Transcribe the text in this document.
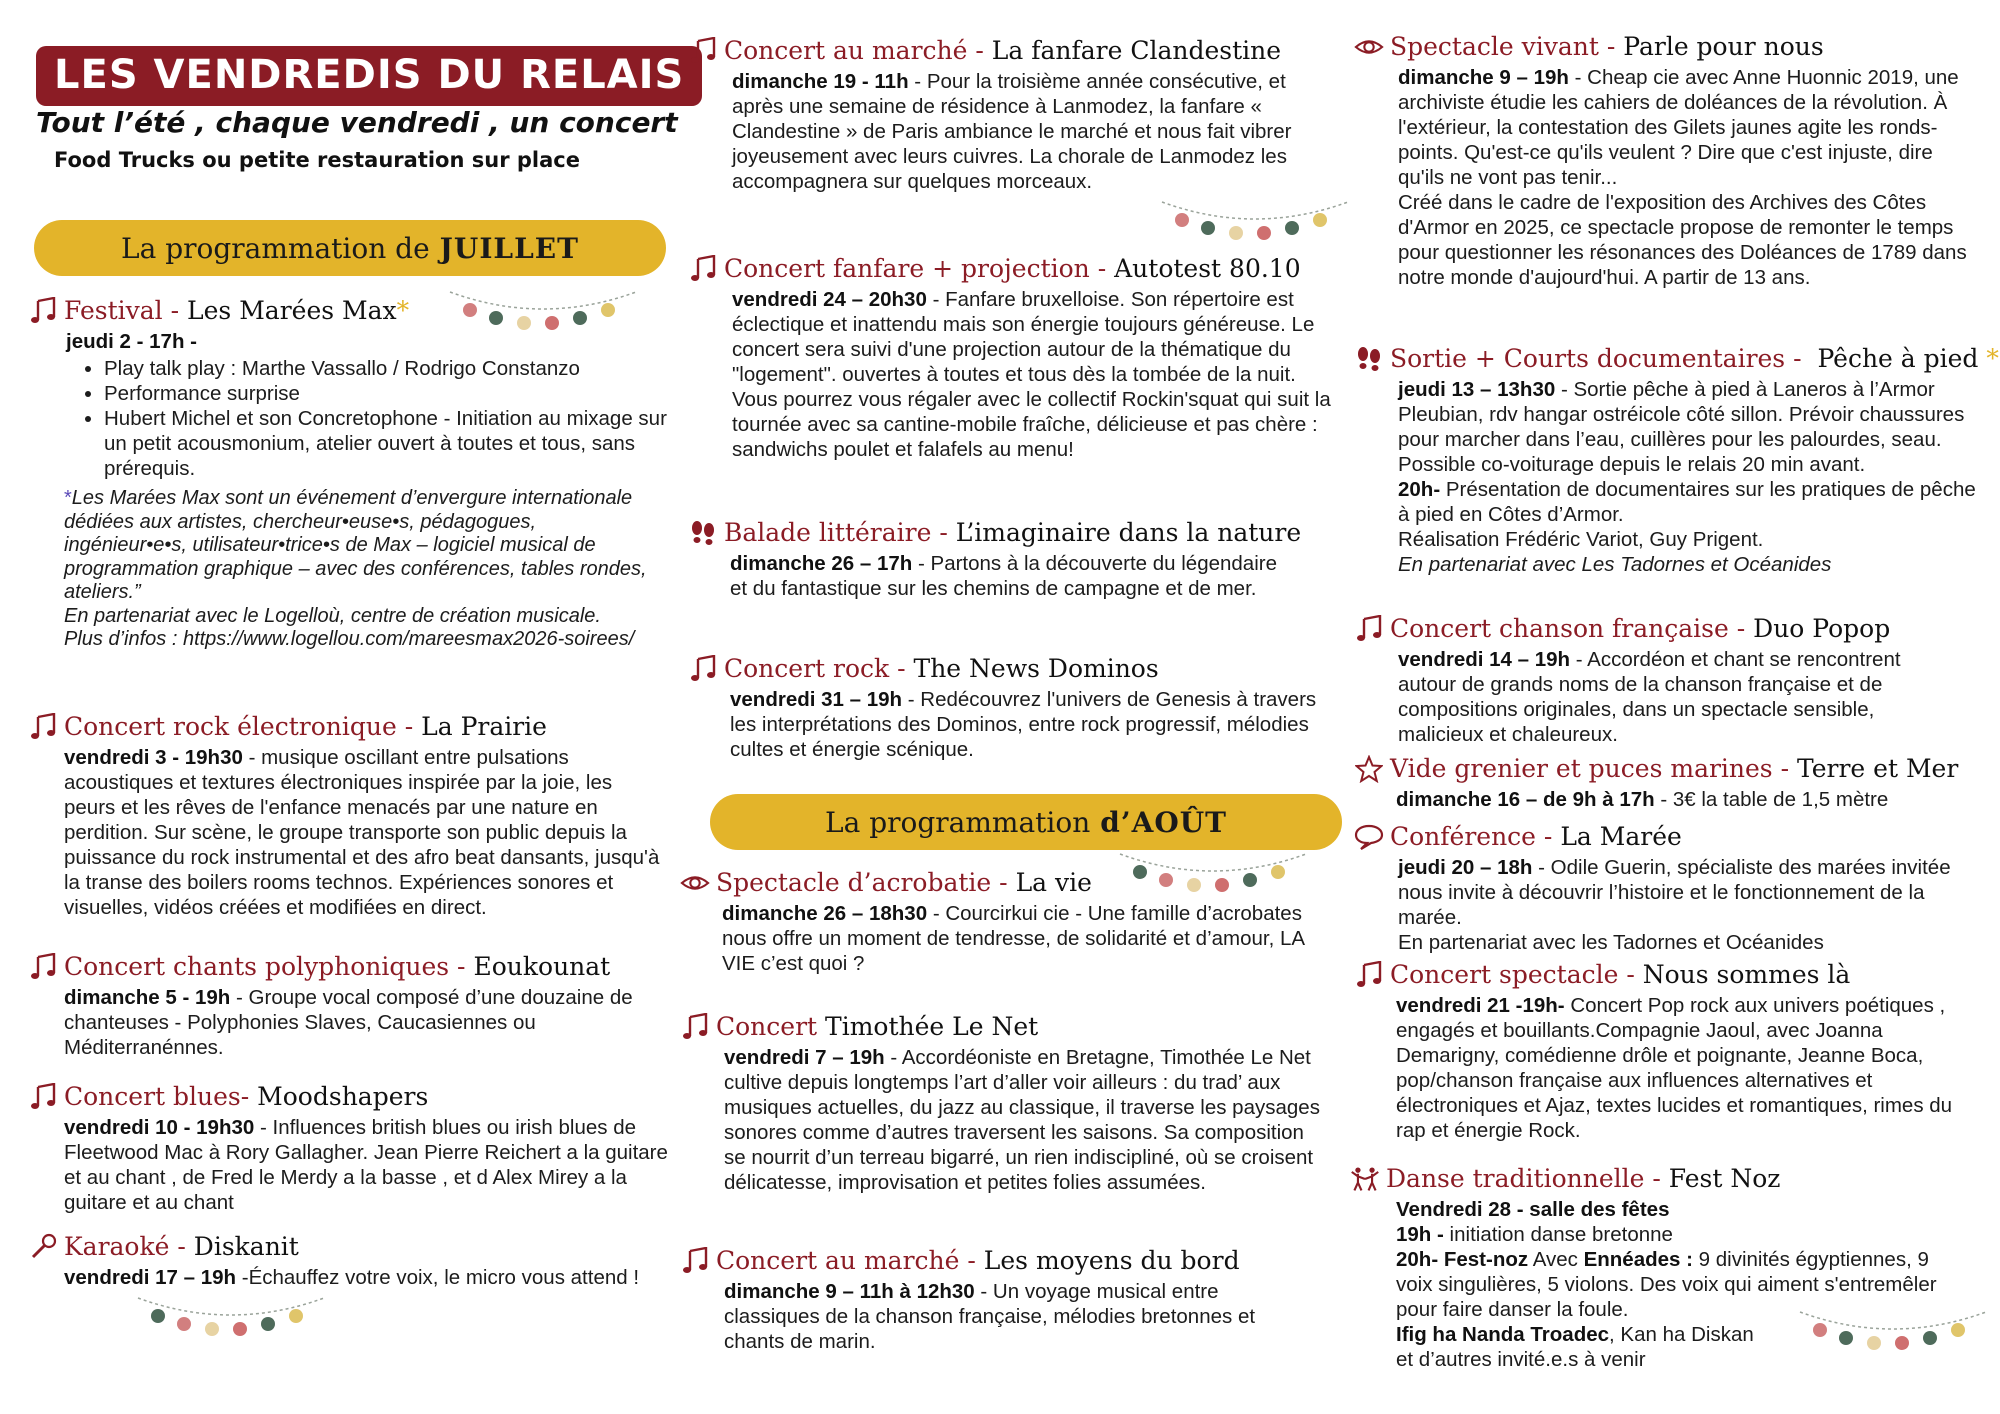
LES VENDREDIS DU RELAIS
Tout l’été , chaque vendredi , un concert
Food Trucks ou petite restauration sur place
La programmation de JUILLET
La programmation d’AOÛT
Festival -
Les Marées Max *

jeudi 2 - 17h -

• Play talk play : Marthe Vassallo / Rodrigo Constanzo
• Performance surprise
• Hubert Michel et son Concretophone - Initiation au mixage sur un petit acousmonium, atelier ouvert à toutes et tous, sans prérequis.
*Les Marées Max sont un événement d’envergure internationale dédiées aux artistes, chercheur•euse•s, pédagogues, ingénieur•e•s, utilisateur•trice•s de Max – logiciel musical de programmation graphique – avec des conférences, tables rondes, ateliers.”
En partenariat avec le Logelloù, centre de création musicale.
Plus d’infos : https://www.logellou.com/mareesmax2026-soirees/
Concert rock électronique -
La Prairie

vendredi 3 - 19h30 - musique oscillant entre pulsations acoustiques et textures électroniques inspirée par la joie, les peurs et les rêves de l'enfance menacés par une nature en perdition. Sur scène, le groupe transporte son public depuis la puissance du rock instrumental et des afro beat dansants, jusqu'à la transe des boilers rooms technos. Expériences sonores et visuelles, vidéos créées et modifiées en direct.

Concert chants polyphoniques -
Eoukounat

dimanche 5 - 19h - Groupe vocal composé d’une douzaine de chanteuses - Polyphonies Slaves, Caucasiennes ou Méditerranénnes.

Concert blues-
Moodshapers

vendredi 10 - 19h30 - Influences british blues ou irish blues de Fleetwood Mac à Rory Gallagher. Jean Pierre Reichert a la guitare et au chant , de Fred le Merdy a la basse , et d Alex Mirey a la guitare et au chant

Karaoké -
Diskanit

vendredi 17 – 19h -Échauffez votre voix, le micro vous attend !

Concert au marché -
La fanfare Clandestine

dimanche 19 - 11h - Pour la troisième année consécutive, et après une semaine de résidence à Lanmodez, la fanfare « Clandestine » de Paris ambiance le marché et nous fait vibrer joyeusement avec leurs cuivres. La chorale de Lanmodez les accompagnera sur quelques morceaux.

Concert fanfare + projection -
Autotest 80.10

vendredi 24 – 20h30 - Fanfare bruxelloise. Son répertoire est éclectique et inattendu mais son énergie toujours généreuse. Le concert sera suivi d'une projection autour de la thématique du "logement". ouvertes à toutes et tous dès la tombée de la nuit. Vous pourrez vous régaler avec le collectif Rockin'squat qui suit la tournée avec sa cantine-mobile fraîche, délicieuse et pas chère : sandwichs poulet et falafels au menu!

Balade littéraire -
L’imaginaire dans la nature

dimanche 26 – 17h - Partons à la découverte du légendaire et du fantastique sur les chemins de campagne et de mer.

Concert rock -
The News Dominos

vendredi 31 – 19h - Redécouvrez l'univers de Genesis à travers les interprétations des Dominos, entre rock progressif, mélodies cultes et énergie scénique.

Spectacle d’acrobatie -
La vie

dimanche 26 – 18h30 - Courcirkui cie - Une famille d’acrobates nous offre un moment de tendresse, de solidarité et d’amour, LA VIE c’est quoi ?

Concert
Timothée Le Net

vendredi 7 – 19h - Accordéoniste en Bretagne, Timothée Le Net cultive depuis longtemps l’art d’aller voir ailleurs : du trad’ aux musiques actuelles, du jazz au classique, il traverse les paysages sonores comme d’autres traversent les saisons. Sa composition se nourrit d’un terreau bigarré, un rien indiscipliné, où se croisent délicatesse, improvisation et petites folies assumées.

Concert au marché -
Les moyens du bord

dimanche 9 – 11h à 12h30 - Un voyage musical entre classiques de la chanson française, mélodies bretonnes et chants de marin.

Spectacle vivant -
Parle pour nous

dimanche 9 – 19h - Cheap cie avec Anne Huonnic 2019, une archiviste étudie les cahiers de doléances de la révolution. À l'extérieur, la contestation des Gilets jaunes agite les ronds-points. Qu'est-ce qu'ils veulent ? Dire que c'est injuste, dire qu'ils ne vont pas tenir...

Créé dans le cadre de l'exposition des Archives des Côtes d'Armor en 2025, ce spectacle propose de remonter le temps pour questionner les résonances des Doléances de 1789 dans notre monde d'aujourd'hui. A partir de 13 ans.

Sortie + Courts documentaires -
Pêche à pied
*

jeudi 13 – 13h30 - Sortie pêche à pied à Laneros à l’Armor Pleubian, rdv hangar ostréicole côté sillon. Prévoir chaussures pour marcher dans l’eau, cuillères pour les palourdes, seau. Possible co-voiturage depuis le relais 20 min avant.

20h- Présentation de documentaires sur les pratiques de pêche à pied en Côtes d’Armor.

Réalisation Frédéric Variot, Guy Prigent.

En partenariat avec Les Tadornes et Océanides

Concert chanson française -
Duo Popop

vendredi 14 – 19h - Accordéon et chant se rencontrent autour de grands noms de la chanson française et de compositions originales, dans un spectacle sensible, malicieux et chaleureux.

Vide grenier et puces marines -
Terre et Mer

dimanche 16 – de 9h à 17h - 3€ la table de 1,5 mètre

Conférence -
La Marée

jeudi 20 – 18h - Odile Guerin, spécialiste des marées invitée nous invite à découvrir l’histoire et le fonctionnement de la marée.

En partenariat avec les Tadornes et Océanides

Concert spectacle -
Nous sommes là

vendredi 21 -19h- Concert Pop rock aux univers poétiques , engagés et bouillants.Compagnie Jaoul, avec Joanna Demarigny, comédienne drôle et poignante, Jeanne Boca, pop/chanson française aux influences alternatives et électroniques et Ajaz, textes lucides et romantiques, rimes du rap et énergie Rock.

Danse traditionnelle -
Fest Noz

Vendredi 28 - salle des fêtes

19h - initiation danse bretonne

20h- Fest-noz Avec Ennéades : 9 divinités égyptiennes, 9 voix singulières, 5 violons. Des voix qui aiment s'entremêler pour faire danser la foule.

Ifig ha Nanda Troadec, Kan ha Diskan

et d’autres invité.e.s à venir
